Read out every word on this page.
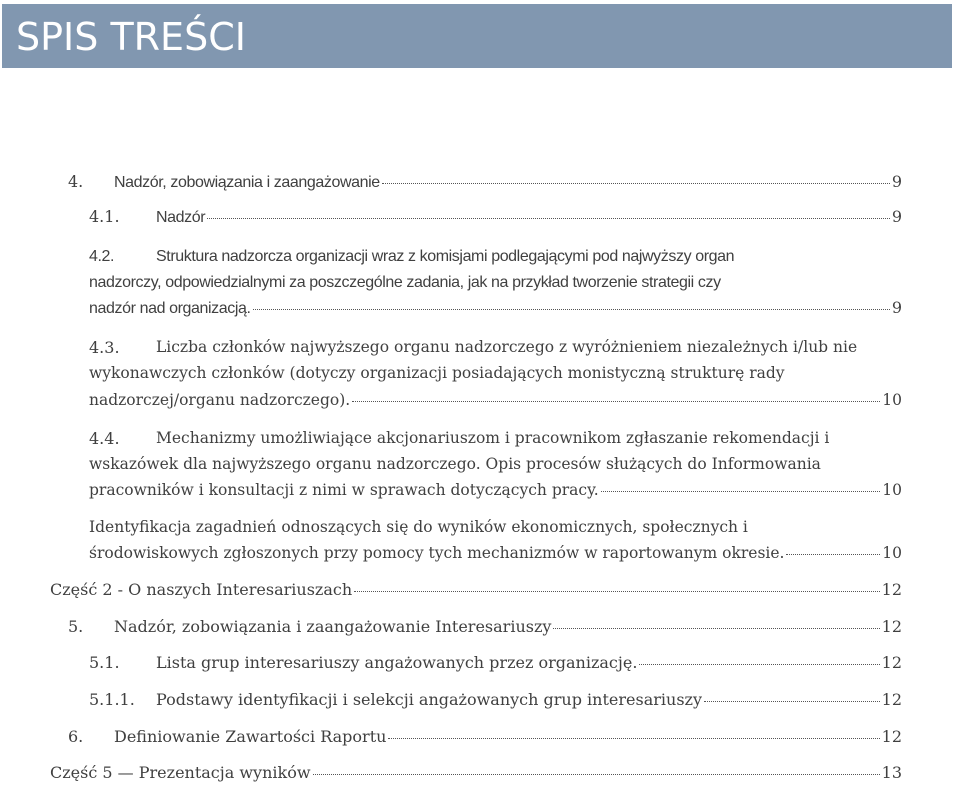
SPIS TREŚCI
4.	Nadzór, zobowiązania i zaangażowanie	9
4.1.	Nadzór	9
4.2.	Struktura nadzorcza organizacji wraz z komisjami podlegającymi pod najwyższy organ
nadzorczy, odpowiedzialnymi za poszczególne zadania, jak na przykład tworzenie strategii czy
nadzór nad organizacją.	9
4.3. Liczba członków najwyższego organu nadzorczego z wyróżnieniem niezależnych i/lub nie
wykonawczych członków (dotyczy organizacji posiadających monistyczną strukturę rady
nadzorczej/organu nadzorczego).	10
4.4. Mechanizmy umożliwiające akcjonariuszom i pracownikom zgłaszanie rekomendacji i
wskazówek dla najwyższego organu nadzorczego. Opis procesów służących do Informowania
pracowników i konsultacji z nimi w sprawach dotyczących pracy.	10
Identyfikacja zagadnień odnoszących się do wyników ekonomicznych, społecznych i
środowiskowych zgłoszonych przy pomocy tych mechanizmów w raportowanym okresie.	10
Część 2 - O naszych Interesariuszach	12
5.	Nadzór, zobowiązania i zaangażowanie Interesariuszy	12
5.1.	Lista grup interesariuszy angażowanych przez organizację.	12
5.1.1.	Podstawy identyfikacji i selekcji angażowanych grup interesariuszy	12
6.	Definiowanie Zawartości Raportu	12
Część 5 — Prezentacja wyników	13
